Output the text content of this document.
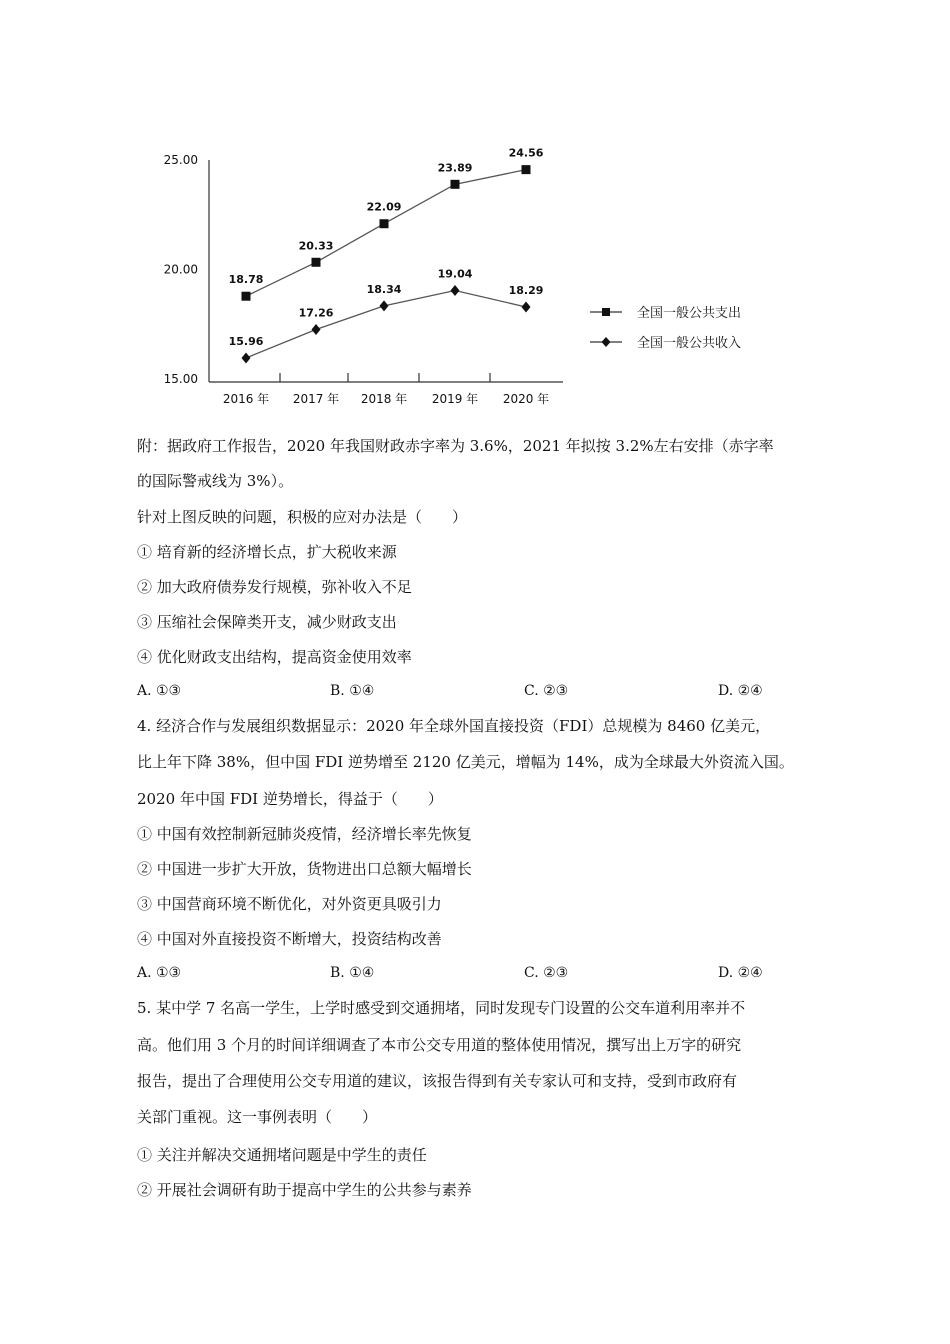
15.00
20.00
25.00
2016 年 2017 年 2018 年 2019 年 2020 年
18.78
20.33
22.09
23.89
24.56
15.96
17.26
18.34
19.04
18.29
全国一般公共支出
全国一般公共收入
附：据政府工作报告，2020 年我国财政赤字率为 3.6%，2021 年拟按 3.2%左右安排（赤字率
的国际警戒线为 3%）。
针对上图反映的问题，积极的应对办法是（　　）
① 培育新的经济增长点，扩大税收来源
② 加大政府债券发行规模，弥补收入不足
③ 压缩社会保障类开支，减少财政支出
④ 优化财政支出结构，提高资金使用效率
A. ①③	B. ①④	C. ②③	D. ②④
4. 经济合作与发展组织数据显示：2020 年全球外国直接投资（FDI）总规模为 8460 亿美元，
比上年下降 38%，但中国 FDI 逆势增至 2120 亿美元，增幅为 14%，成为全球最大外资流入国。
2020 年中国 FDI 逆势增长，得益于（　　）
① 中国有效控制新冠肺炎疫情，经济增长率先恢复
② 中国进一步扩大开放，货物进出口总额大幅增长
③ 中国营商环境不断优化，对外资更具吸引力
④ 中国对外直接投资不断增大，投资结构改善
A. ①③	B. ①④	C. ②③	D. ②④
5. 某中学 7 名高一学生，上学时感受到交通拥堵，同时发现专门设置的公交车道利用率并不
高。他们用 3 个月的时间详细调查了本市公交专用道的整体使用情况，撰写出上万字的研究
报告，提出了合理使用公交专用道的建议，该报告得到有关专家认可和支持，受到市政府有
关部门重视。这一事例表明（　　）
① 关注并解决交通拥堵问题是中学生的责任
② 开展社会调研有助于提高中学生的公共参与素养
